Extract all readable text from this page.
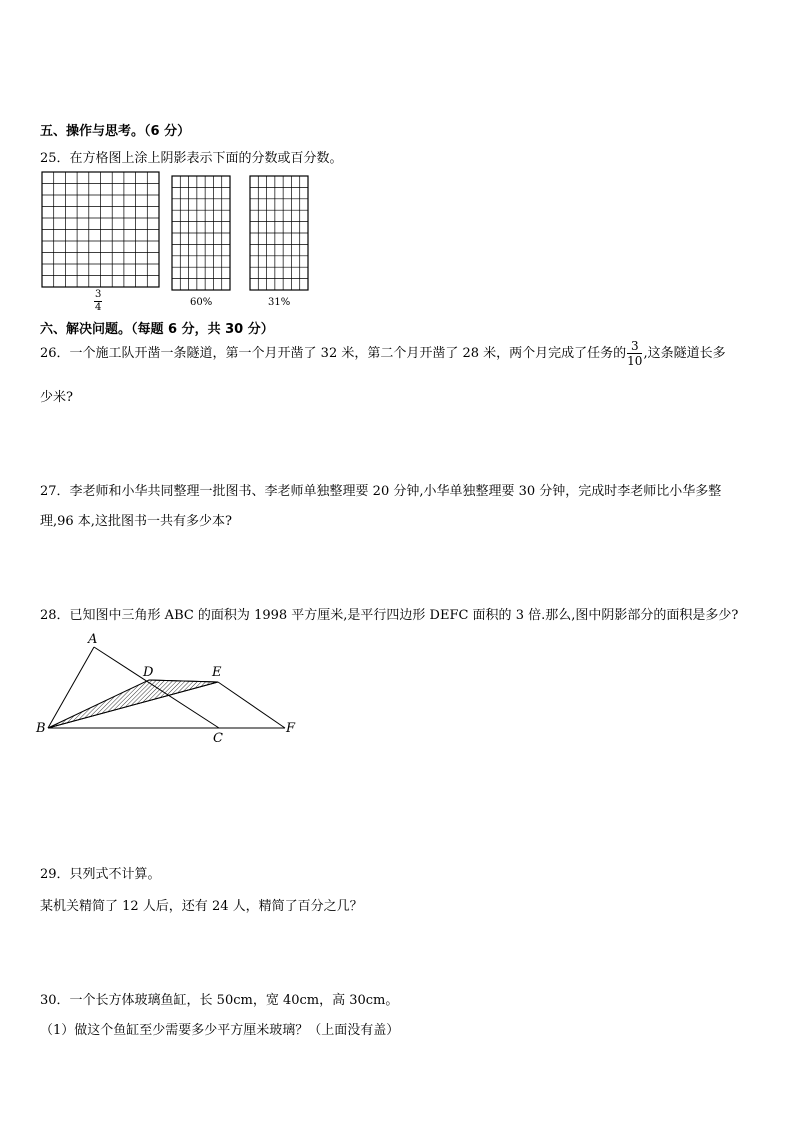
五、操作与思考。（6 分）
25．在方格图上涂上阴影表示下面的分数或百分数。
$\frac{3}{4}$	60%	31%
六、解决问题。（每题 6 分，共 30 分）
26．一个施工队开凿一条隧道，第一个月开凿了 32 米，第二个月开凿了 28 米，两个月完成了任务的 $\frac{3}{10}$ ,这条隧道长多
少米?
27．李老师和小华共同整理一批图书、李老师单独整理要 20 分钟,小华单独整理要 30 分钟，完成时李老师比小华多整
理,96 本,这批图书一共有多少本?
28．已知图中三角形 ABC 的面积为 1998 平方厘米,是平行四边形 DEFC 面积的 3 倍.那么,图中阴影部分的面积是多少?
A
B
C
D	E
F
29．只列式不计算。
某机关精简了 12 人后，还有 24 人，精简了百分之几？
30．一个长方体玻璃鱼缸，长 50cm，宽 40cm，高 30cm。
（1）做这个鱼缸至少需要多少平方厘米玻璃？（上面没有盖）
